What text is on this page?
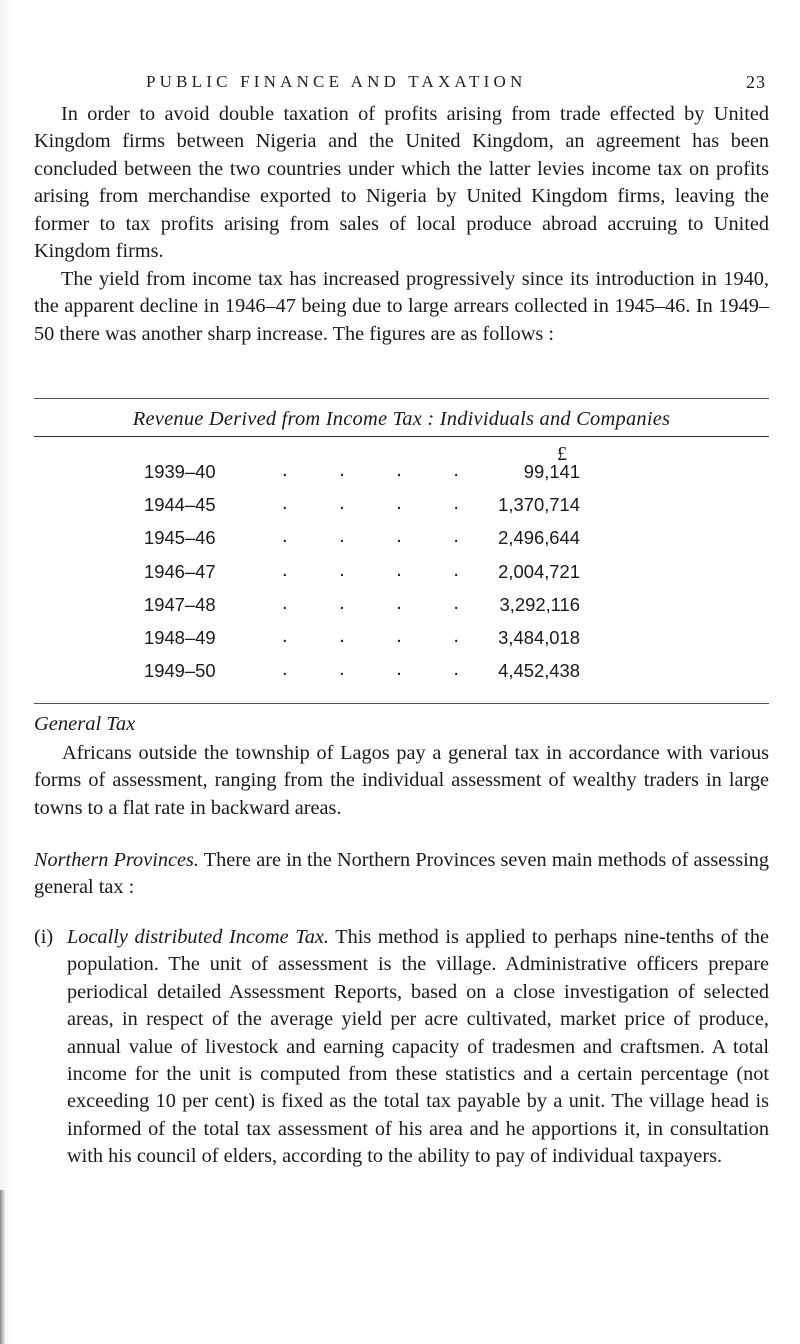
PUBLIC FINANCE AND TAXATION	23

In order to avoid double taxation of profits arising from trade effected by United Kingdom firms between Nigeria and the United Kingdom, an agreement has been concluded between the two countries under which the latter levies income tax on profits arising from merchandise exported to Nigeria by United Kingdom firms, leaving the former to tax profits arising from sales of local produce abroad accruing to United Kingdom firms.

The yield from income tax has increased progressively since its introduction in 1940, the apparent decline in 1946–47 being due to large arrears collected in 1945–46. In 1949–50 there was another sharp increase. The figures are as follows :

Revenue Derived from Income Tax : Individuals and Companies
£
1939–40	. . . . 99,141
1944–45	. . . . 1,370,714
1945–46	. . . . 2,496,644
1946–47	. . . . 2,004,721
1947–48	. . . . 3,292,116
1948–49	. . . . 3,484,018
1949–50	. . . . 4,452,438
General Tax

Africans outside the township of Lagos pay a general tax in accordance with various forms of assessment, ranging from the individual assessment of wealthy traders in large towns to a flat rate in backward areas.

Northern Provinces. There are in the Northern Provinces seven main methods of assessing general tax :

(i) Locally distributed Income Tax. This method is applied to perhaps nine-tenths of the population. The unit of assessment is the village. Administrative officers prepare periodical detailed Assessment Reports, based on a close investigation of selected areas, in respect of the average yield per acre cultivated, market price of produce, annual value of livestock and earning capacity of tradesmen and craftsmen. A total income for the unit is computed from these statistics and a certain percentage (not exceeding 10 per cent) is fixed as the total tax payable by a unit. The village head is informed of the total tax assessment of his area and he apportions it, in consultation with his council of elders, according to the ability to pay of individual taxpayers.
